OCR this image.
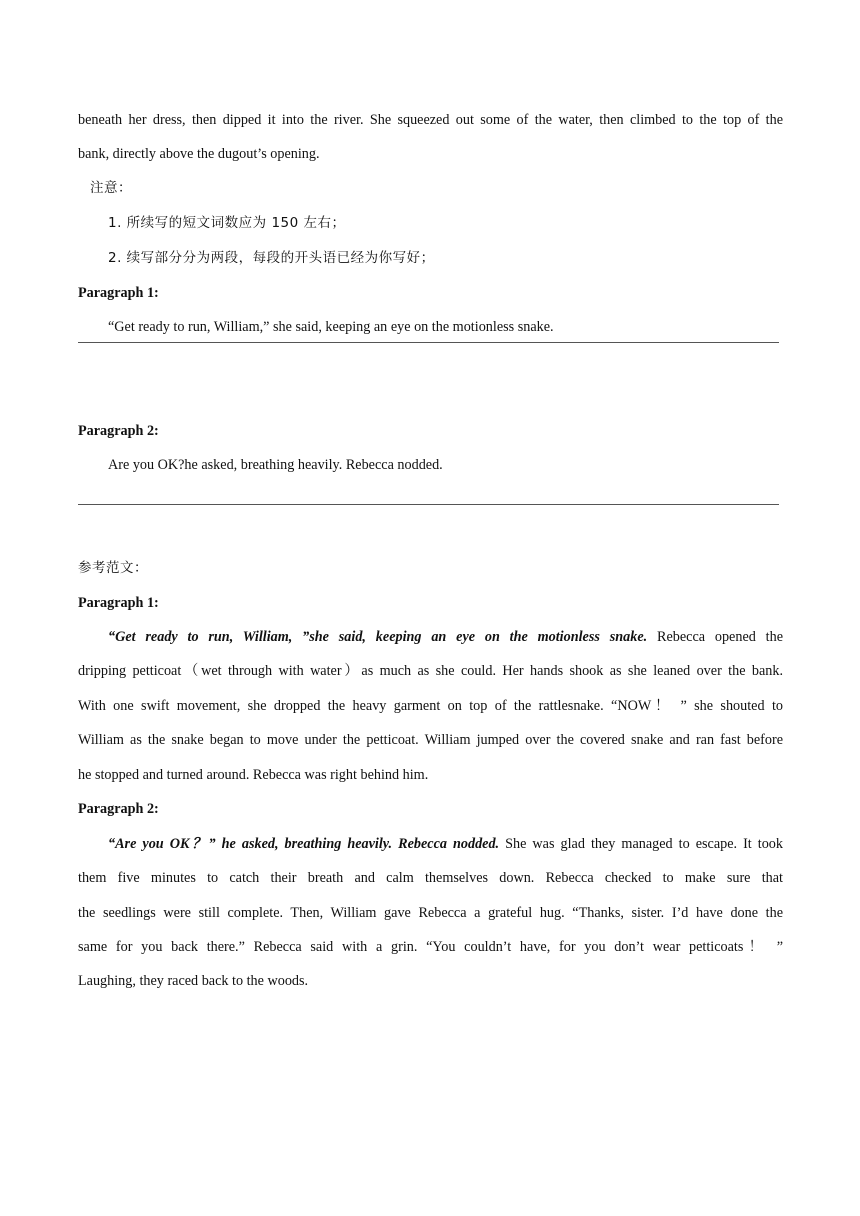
beneath her dress, then dipped it into the river. She squeezed out some of the water, then climbed to the top of the
bank, directly above the dugout’s opening.
注意：
1. 所续写的短文词数应为 150 左右；
2. 续写部分分为两段，每段的开头语已经为你写好；
Paragraph 1:
“Get ready to run, William,” she said, keeping an eye on the motionless snake.
Paragraph 2:
Are you OK?he asked, breathing heavily. Rebecca nodded.
参考范文：
Paragraph 1:
“Get ready to run, William, ”she said, keeping an eye on the motionless snake. Rebecca opened the
dripping petticoat（wet through with water）as much as she could. Her hands shook as she leaned over the bank.
With one swift movement, she dropped the heavy garment on top of the rattlesnake. “NOW！ ” she shouted to
William as the snake began to move under the petticoat. William jumped over the covered snake and ran fast before
he stopped and turned around. Rebecca was right behind him.
Paragraph 2:
“Are you OK？” he asked, breathing heavily. Rebecca nodded. She was glad they managed to escape. It took
them five minutes to catch their breath and calm themselves down. Rebecca checked to make sure that
the seedlings were still complete. Then, William gave Rebecca a grateful hug. “Thanks, sister. I’d have done the
same for you back there.” Rebecca said with a grin. “You couldn’t have, for you don’t wear petticoats！ ”
Laughing, they raced back to the woods.
